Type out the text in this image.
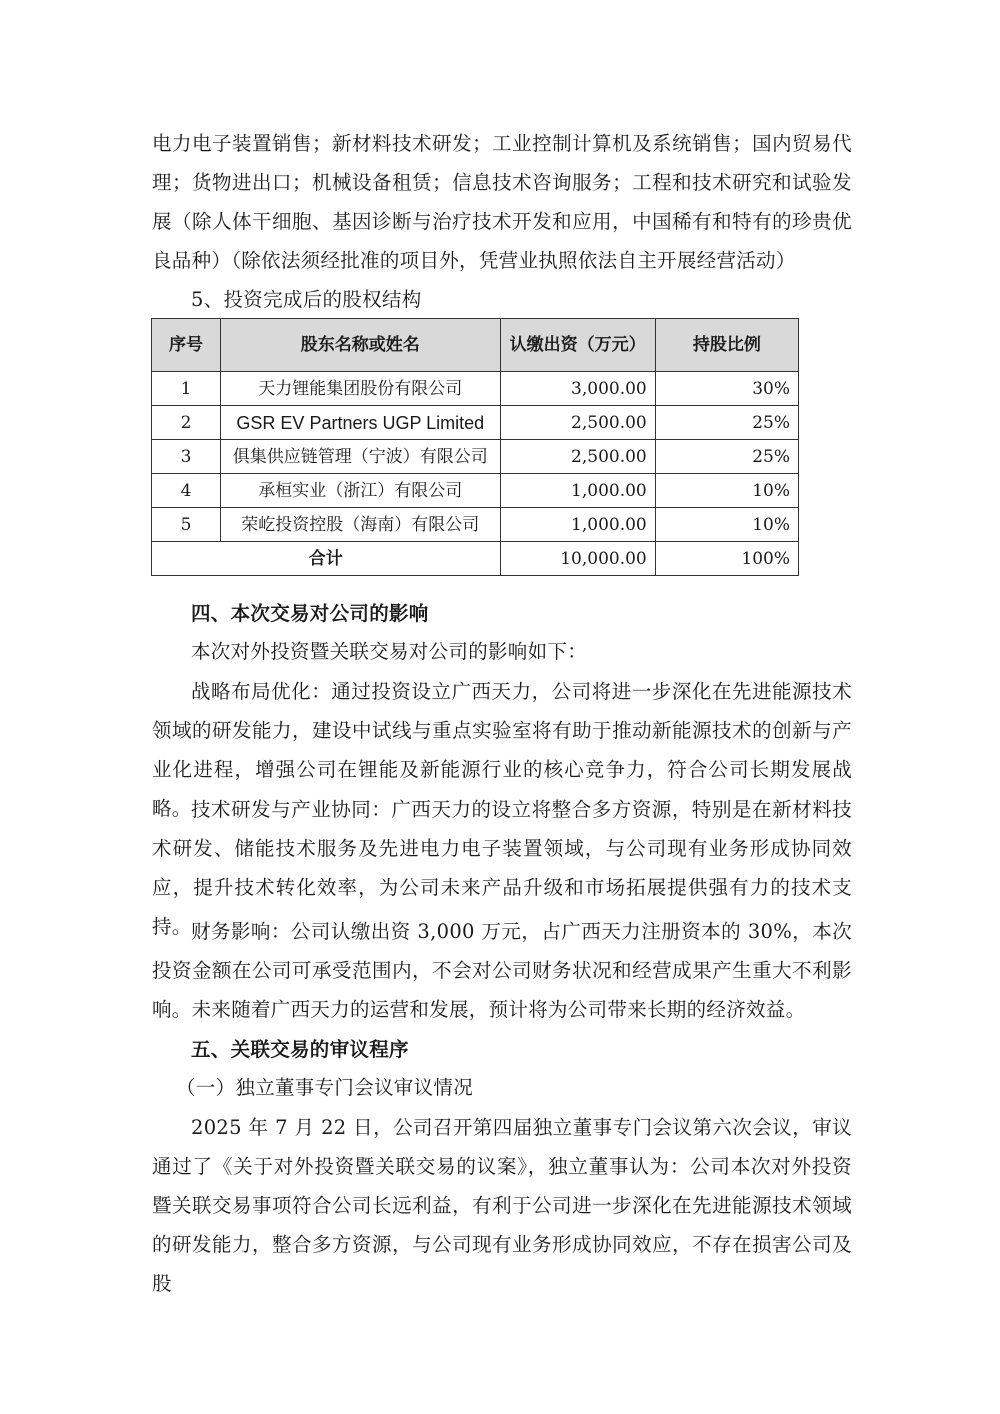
电力电子装置销售；新材料技术研发；工业控制计算机及系统销售；国内贸易代理；货物进出口；机械设备租赁；信息技术咨询服务；工程和技术研究和试验发展（除人体干细胞、基因诊断与治疗技术开发和应用，中国稀有和特有的珍贵优良品种）（除依法须经批准的项目外，凭营业执照依法自主开展经营活动）

5、投资完成后的股权结构

序号	股东名称或姓名	认缴出资（万元）	持股比例
1	天力锂能集团股份有限公司	3,000.00	30%
2	GSR EV Partners UGP Limited	2,500.00	25%
3	俱集供应链管理（宁波）有限公司	2,500.00	25%
4	承桓实业（浙江）有限公司	1,000.00	10%
5	荣屹投资控股（海南）有限公司	1,000.00	10%
合计		10,000.00	100%

四、本次交易对公司的影响

本次对外投资暨关联交易对公司的影响如下：

战略布局优化：通过投资设立广西天力，公司将进一步深化在先进能源技术领域的研发能力，建设中试线与重点实验室将有助于推动新能源技术的创新与产业化进程，增强公司在锂能及新能源行业的核心竞争力，符合公司长期发展战略。 技术研发与产业协同：广西天力的设立将整合多方资源，特别是在新材料技术研发、储能技术服务及先进电力电子装置领域，与公司现有业务形成协同效应，提升技术转化效率，为公司未来产品升级和市场拓展提供强有力的技术支持。 财务影响：公司认缴出资 3,000 万元，占广西天力注册资本的 30%，本次投资金额在公司可承受范围内，不会对公司财务状况和经营成果产生重大不利影响。未来随着广西天力的运营和发展，预计将为公司带来长期的经济效益。

五、关联交易的审议程序

（一）独立董事专门会议审议情况

2025 年 7 月 22 日，公司召开第四届独立董事专门会议第六次会议，审议通过了《关于对外投资暨关联交易的议案》，独立董事认为：公司本次对外投资暨关联交易事项符合公司长远利益，有利于公司进一步深化在先进能源技术领域的研发能力，整合多方资源，与公司现有业务形成协同效应，不存在损害公司及股
